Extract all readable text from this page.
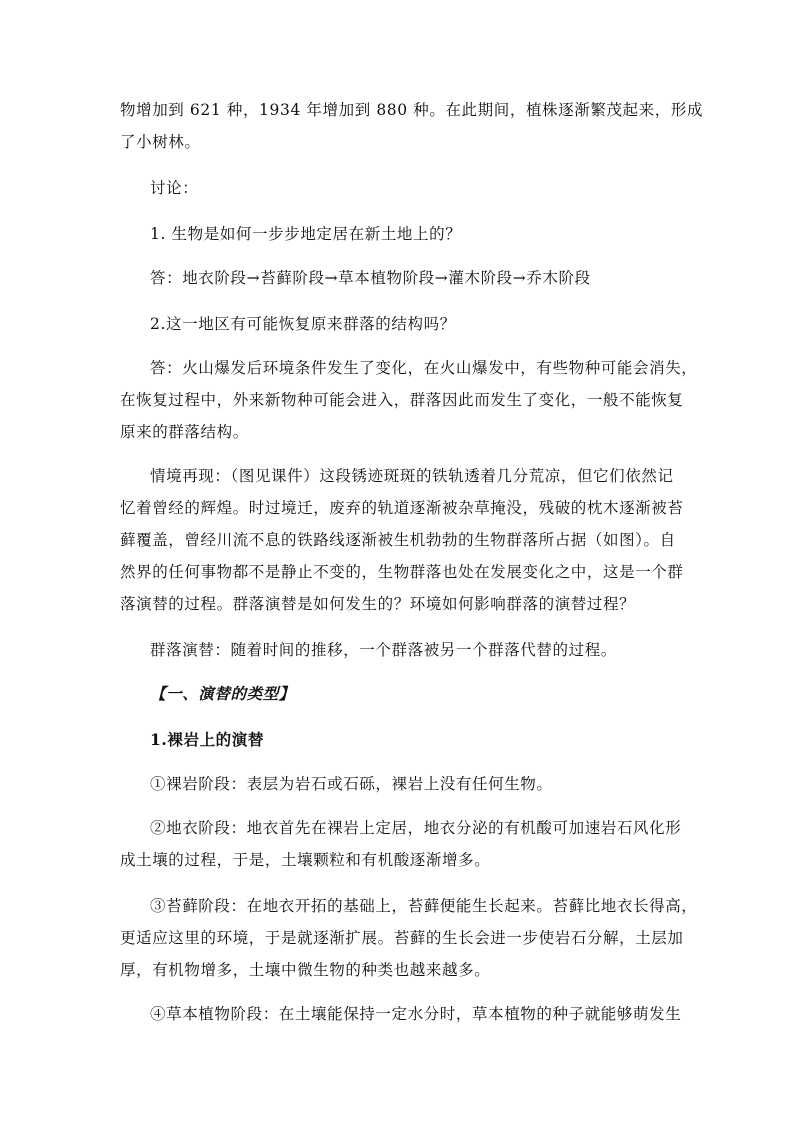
物增加到 621 种，1934 年增加到 880 种。在此期间，植株逐渐繁茂起来，形成
了小树林。
讨论：
1. 生物是如何一步步地定居在新土地上的？
答：地衣阶段→苔藓阶段→草本植物阶段→灌木阶段→乔木阶段
2.这一地区有可能恢复原来群落的结构吗？
答：火山爆发后环境条件发生了变化，在火山爆发中，有些物种可能会消失，
在恢复过程中，外来新物种可能会进入，群落因此而发生了变化，一般不能恢复
原来的群落结构。
情境再现：（图见课件）这段锈迹斑斑的铁轨透着几分荒凉，但它们依然记
忆着曾经的辉煌。时过境迁，废弃的轨道逐渐被杂草掩没，残破的枕木逐渐被苔
藓覆盖，曾经川流不息的铁路线逐渐被生机勃勃的生物群落所占据（如图）。自
然界的任何事物都不是静止不变的，生物群落也处在发展变化之中，这是一个群
落演替的过程。群落演替是如何发生的？环境如何影响群落的演替过程？
群落演替：随着时间的推移，一个群落被另一个群落代替的过程。
【一、演替的类型】
1.裸岩上的演替
①裸岩阶段：表层为岩石或石砾，裸岩上没有任何生物。
②地衣阶段：地衣首先在裸岩上定居，地衣分泌的有机酸可加速岩石风化形
成土壤的过程，于是，土壤颗粒和有机酸逐渐增多。
③苔藓阶段：在地衣开拓的基础上，苔藓便能生长起来。苔藓比地衣长得高，
更适应这里的环境，于是就逐渐扩展。苔藓的生长会进一步使岩石分解，土层加
厚，有机物增多，土壤中微生物的种类也越来越多。
④草本植物阶段：在土壤能保持一定水分时，草本植物的种子就能够萌发生
